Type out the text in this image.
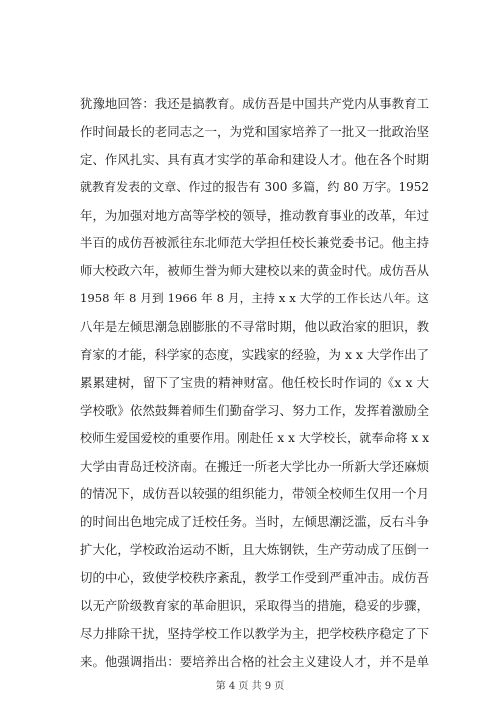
犹豫地回答：我还是搞教育。成仿吾是中国共产党内从事教育工
作时间最长的老同志之一，为党和国家培养了一批又一批政治坚
定、作风扎实、具有真才实学的革命和建设人才。他在各个时期
就教育发表的文章、作过的报告有 300 多篇，约 80 万字。1952
年，为加强对地方高等学校的领导，推动教育事业的改革，年过
半百的成仿吾被派往东北师范大学担任校长兼党委书记。他主持
师大校政六年，被师生誉为师大建校以来的黄金时代。成仿吾从
1958 年 8 月到 1966 年 8 月，主持 x x 大学的工作长达八年。这
八年是左倾思潮急剧膨胀的不寻常时期，他以政治家的胆识，教
育家的才能，科学家的态度，实践家的经验，为 x x 大学作出了
累累建树，留下了宝贵的精神财富。他任校长时作词的《x x 大
学校歌》依然鼓舞着师生们勤奋学习、努力工作，发挥着激励全
校师生爱国爱校的重要作用。刚赴任 x x 大学校长，就奉命将 x x
大学由青岛迁校济南。在搬迁一所老大学比办一所新大学还麻烦
的情况下，成仿吾以较强的组织能力，带领全校师生仅用一个月
的时间出色地完成了迁校任务。当时，左倾思潮泛滥，反右斗争
扩大化，学校政治运动不断，且大炼钢铁，生产劳动成了压倒一
切的中心，致使学校秩序紊乱，教学工作受到严重冲击。成仿吾
以无产阶级教育家的革命胆识，采取得当的措施，稳妥的步骤，
尽力排除干扰，坚持学校工作以教学为主，把学校秩序稳定了下
来。他强调指出：要培养出合格的社会主义建设人才，并不是单
第 4 页 共 9 页
